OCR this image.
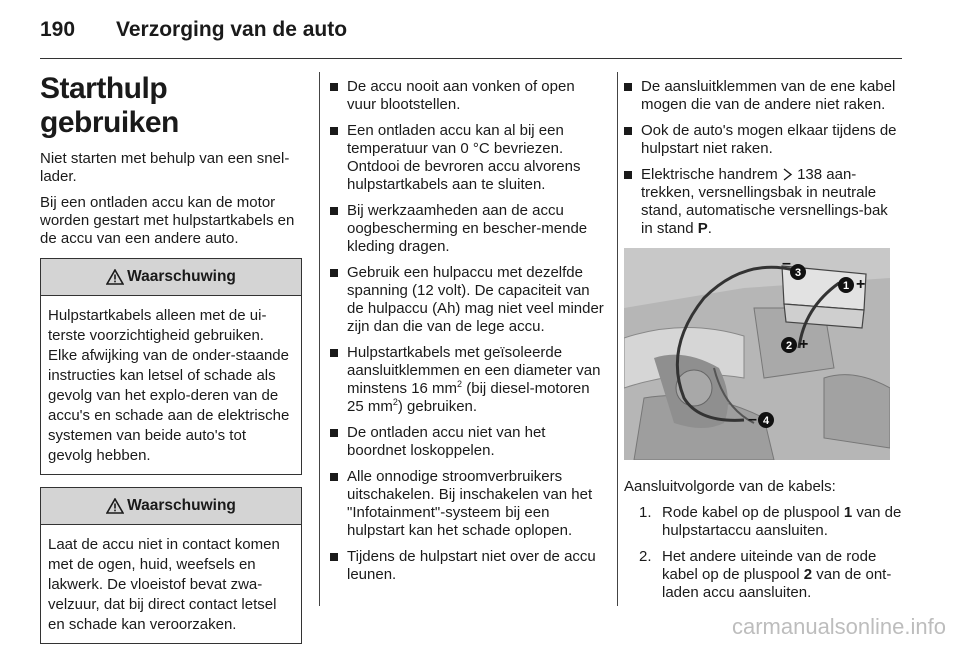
190 Verzorging van de auto
Starthulp gebruiken

Niet starten met behulp van een snel-lader.

Bij een ontladen accu kan de motor worden gestart met hulpstartkabels en de accu van een andere auto.

Waarschuwing
Hulpstartkabels alleen met de ui-terste voorzichtigheid gebruiken. Elke afwijking van de onder-staande instructies kan letsel of schade als gevolg van het explo-deren van de accu's en schade aan de elektrische systemen van beide auto's tot gevolg hebben.
Waarschuwing
Laat de accu niet in contact komen met de ogen, huid, weefsels en lakwerk. De vloeistof bevat zwa-velzuur, dat bij direct contact letsel en schade kan veroorzaken.
De accu nooit aan vonken of open vuur blootstellen.
Een ontladen accu kan al bij een temperatuur van 0 °C bevriezen. Ontdooi de bevroren accu alvorens hulpstartkabels aan te sluiten.
Bij werkzaamheden aan de accu oogbescherming en bescher-mende kleding dragen.
Gebruik een hulpaccu met dezelfde spanning (12 volt). De capaciteit van de hulpaccu (Ah) mag niet veel minder zijn dan die van de lege accu.
Hulpstartkabels met geïsoleerde aansluitklemmen en een diameter van minstens 16 $mm^2$ (bij diesel-motoren 25 $mm^2$) gebruiken.
De ontladen accu niet van het boordnet loskoppelen.
Alle onnodige stroomverbruikers uitschakelen. Bij inschakelen van het "Infotainment"-systeem bij een hulpstart kan het schade oplopen.
Tijdens de hulpstart niet over de accu leunen.
De aansluitklemmen van de ene kabel mogen die van de andere niet raken.
Ook de auto's mogen elkaar tijdens de hulpstart niet raken.
Elektrische handrem 138 aan-trekken, versnellingsbak in neutrale stand, automatische versnellings-bak in stand P.
3
–
1 +
2 +
4
–

Aansluitvolgorde van de kabels:

1. Rode kabel op de pluspool 1 van de hulpstartaccu aansluiten.
2. Het andere uiteinde van de rode kabel op de pluspool 2 van de ont-laden accu aansluiten.
carmanualsonline.info
